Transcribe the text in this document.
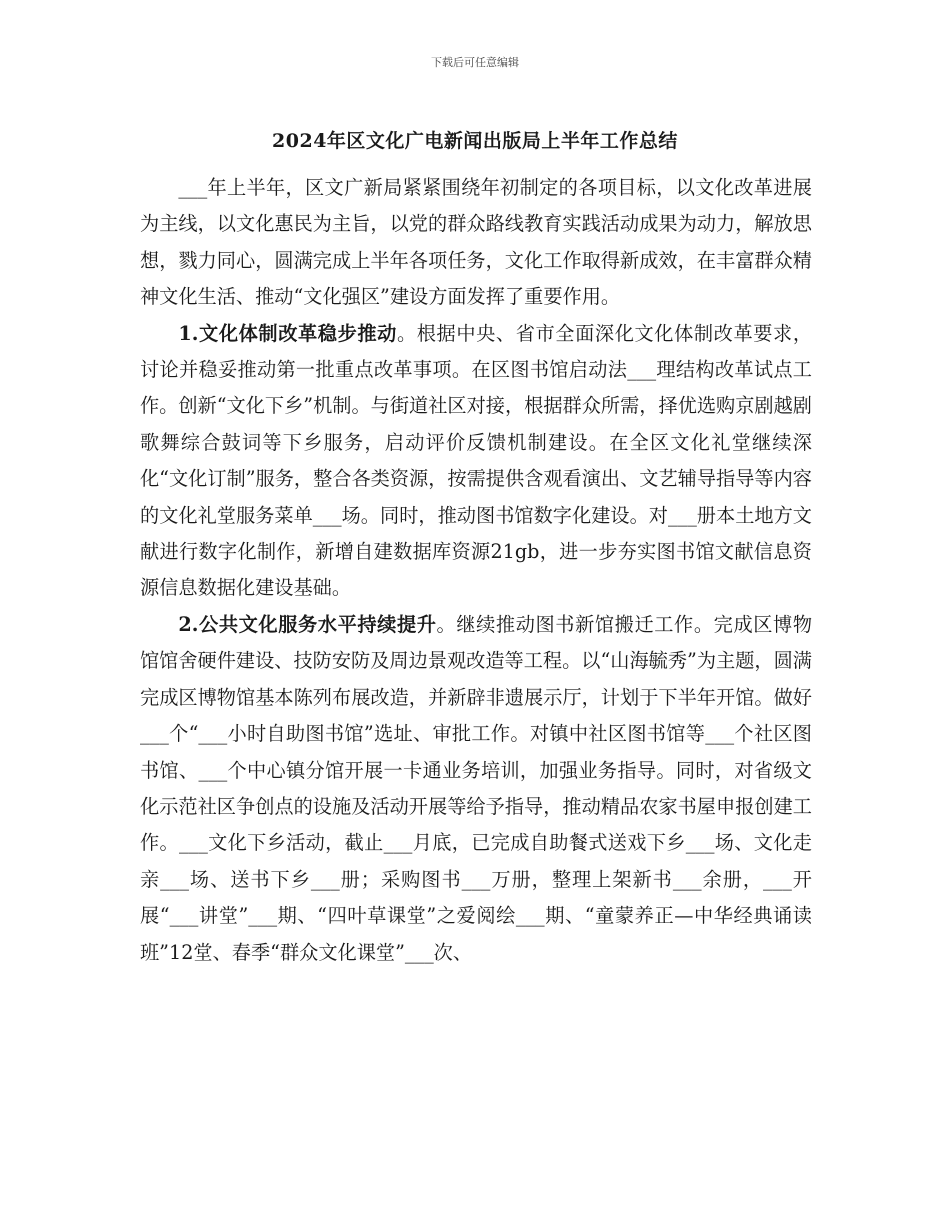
下载后可任意编辑
2024年区文化广电新闻出版局上半年工作总结

___年上半年，区文广新局紧紧围绕年初制定的各项目标，以文化改革进展为主线，以文化惠民为主旨，以党的群众路线教育实践活动成果为动力，解放思想，戮力同心，圆满完成上半年各项任务，文化工作取得新成效，在丰富群众精神文化生活、推动“文化强区”建设方面发挥了重要作用。

1.文化体制改革稳步推动。根据中央、省市全面深化文化体制改革要求，讨论并稳妥推动第一批重点改革事项。在区图书馆启动法___理结构改革试点工作。创新“文化下乡”机制。与街道社区对接，根据群众所需，择优选购京剧越剧歌舞综合鼓词等下乡服务，启动评价反馈机制建设。在全区文化礼堂继续深化“文化订制”服务，整合各类资源，按需提供含观看演出、文艺辅导指导等内容的文化礼堂服务菜单___场。同时，推动图书馆数字化建设。对___册本土地方文献进行数字化制作，新增自建数据库资源21gb，进一步夯实图书馆文献信息资源信息数据化建设基础。

2.公共文化服务水平持续提升。继续推动图书新馆搬迁工作。完成区博物馆馆舍硬件建设、技防安防及周边景观改造等工程。以“山海毓秀”为主题，圆满完成区博物馆基本陈列布展改造，并新辟非遗展示厅，计划于下半年开馆。做好___个“___小时自助图书馆”选址、审批工作。对镇中社区图书馆等___个社区图书馆、___个中心镇分馆开展一卡通业务培训，加强业务指导。同时，对省级文化示范社区争创点的设施及活动开展等给予指导，推动精品农家书屋申报创建工作。___文化下乡活动，截止___月底，已完成自助餐式送戏下乡___场、文化走亲___场、送书下乡___册；采购图书___万册，整理上架新书___余册，___开展“___讲堂”___期、“四叶草课堂”之爱阅绘___期、“童蒙养正—中华经典诵读班”12堂、春季“群众文化课堂”___次、
